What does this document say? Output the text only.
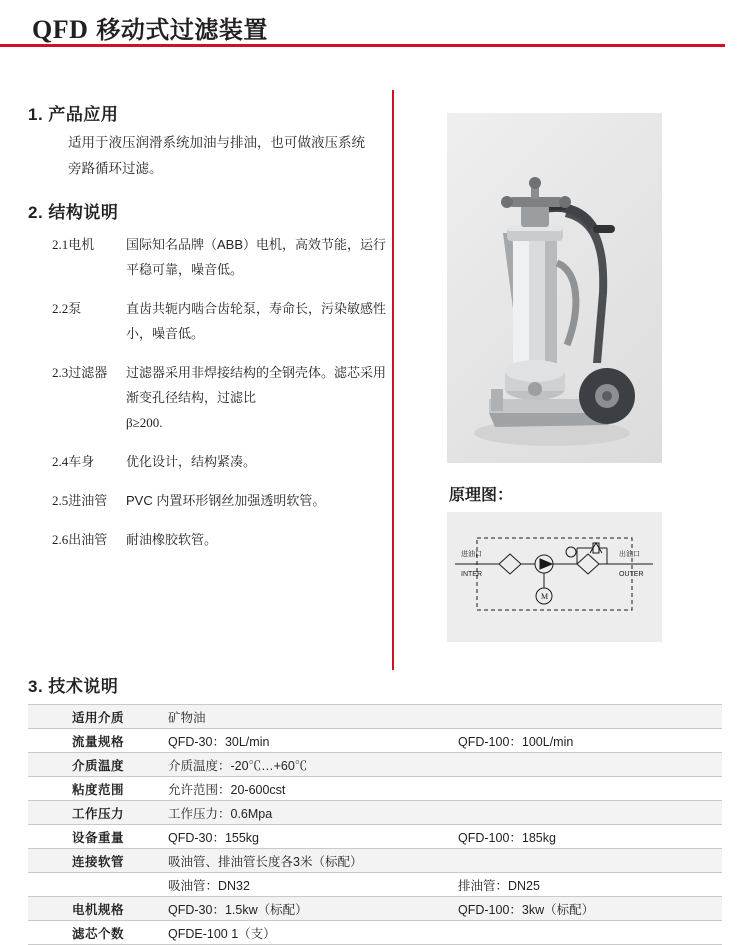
QFD 移动式过滤装置
1. 产品应用
适用于液压润滑系统加油与排油，也可做液压系统旁路循环过滤。
2. 结构说明
2.1电机	国际知名品牌（ABB）电机，高效节能，运行平稳可靠，噪音低。
2.2泵	直齿共轭内啮合齿轮泵，寿命长，污染敏感性小，噪音低。
2.3过滤器	过滤器采用非焊接结构的全钢壳体。滤芯采用渐变孔径结构，过滤比
β≥200.
2.4车身	优化设计，结构紧凑。
2.5进油管	PVC 内置环形钢丝加强透明软管。
2.6出油管	耐油橡胶软管。
原理图：
进油口
INTER
出油口
OUTER
M
3. 技术说明
适用介质	矿物油	
流量规格	QFD-30：30L/min	QFD-100：100L/min
介质温度	介质温度：-20℃…+60℃	
粘度范围	允许范围：20-600cst	
工作压力	工作压力：0.6Mpa	
设备重量	QFD-30：155kg	QFD-100：185kg
连接软管	吸油管、排油管长度各3米（标配）	
	吸油管：DN32	排油管：DN25
电机规格	QFD-30：1.5kw（标配）	QFD-100：3kw（标配）
滤芯个数	QFDE-100 1（支）	
